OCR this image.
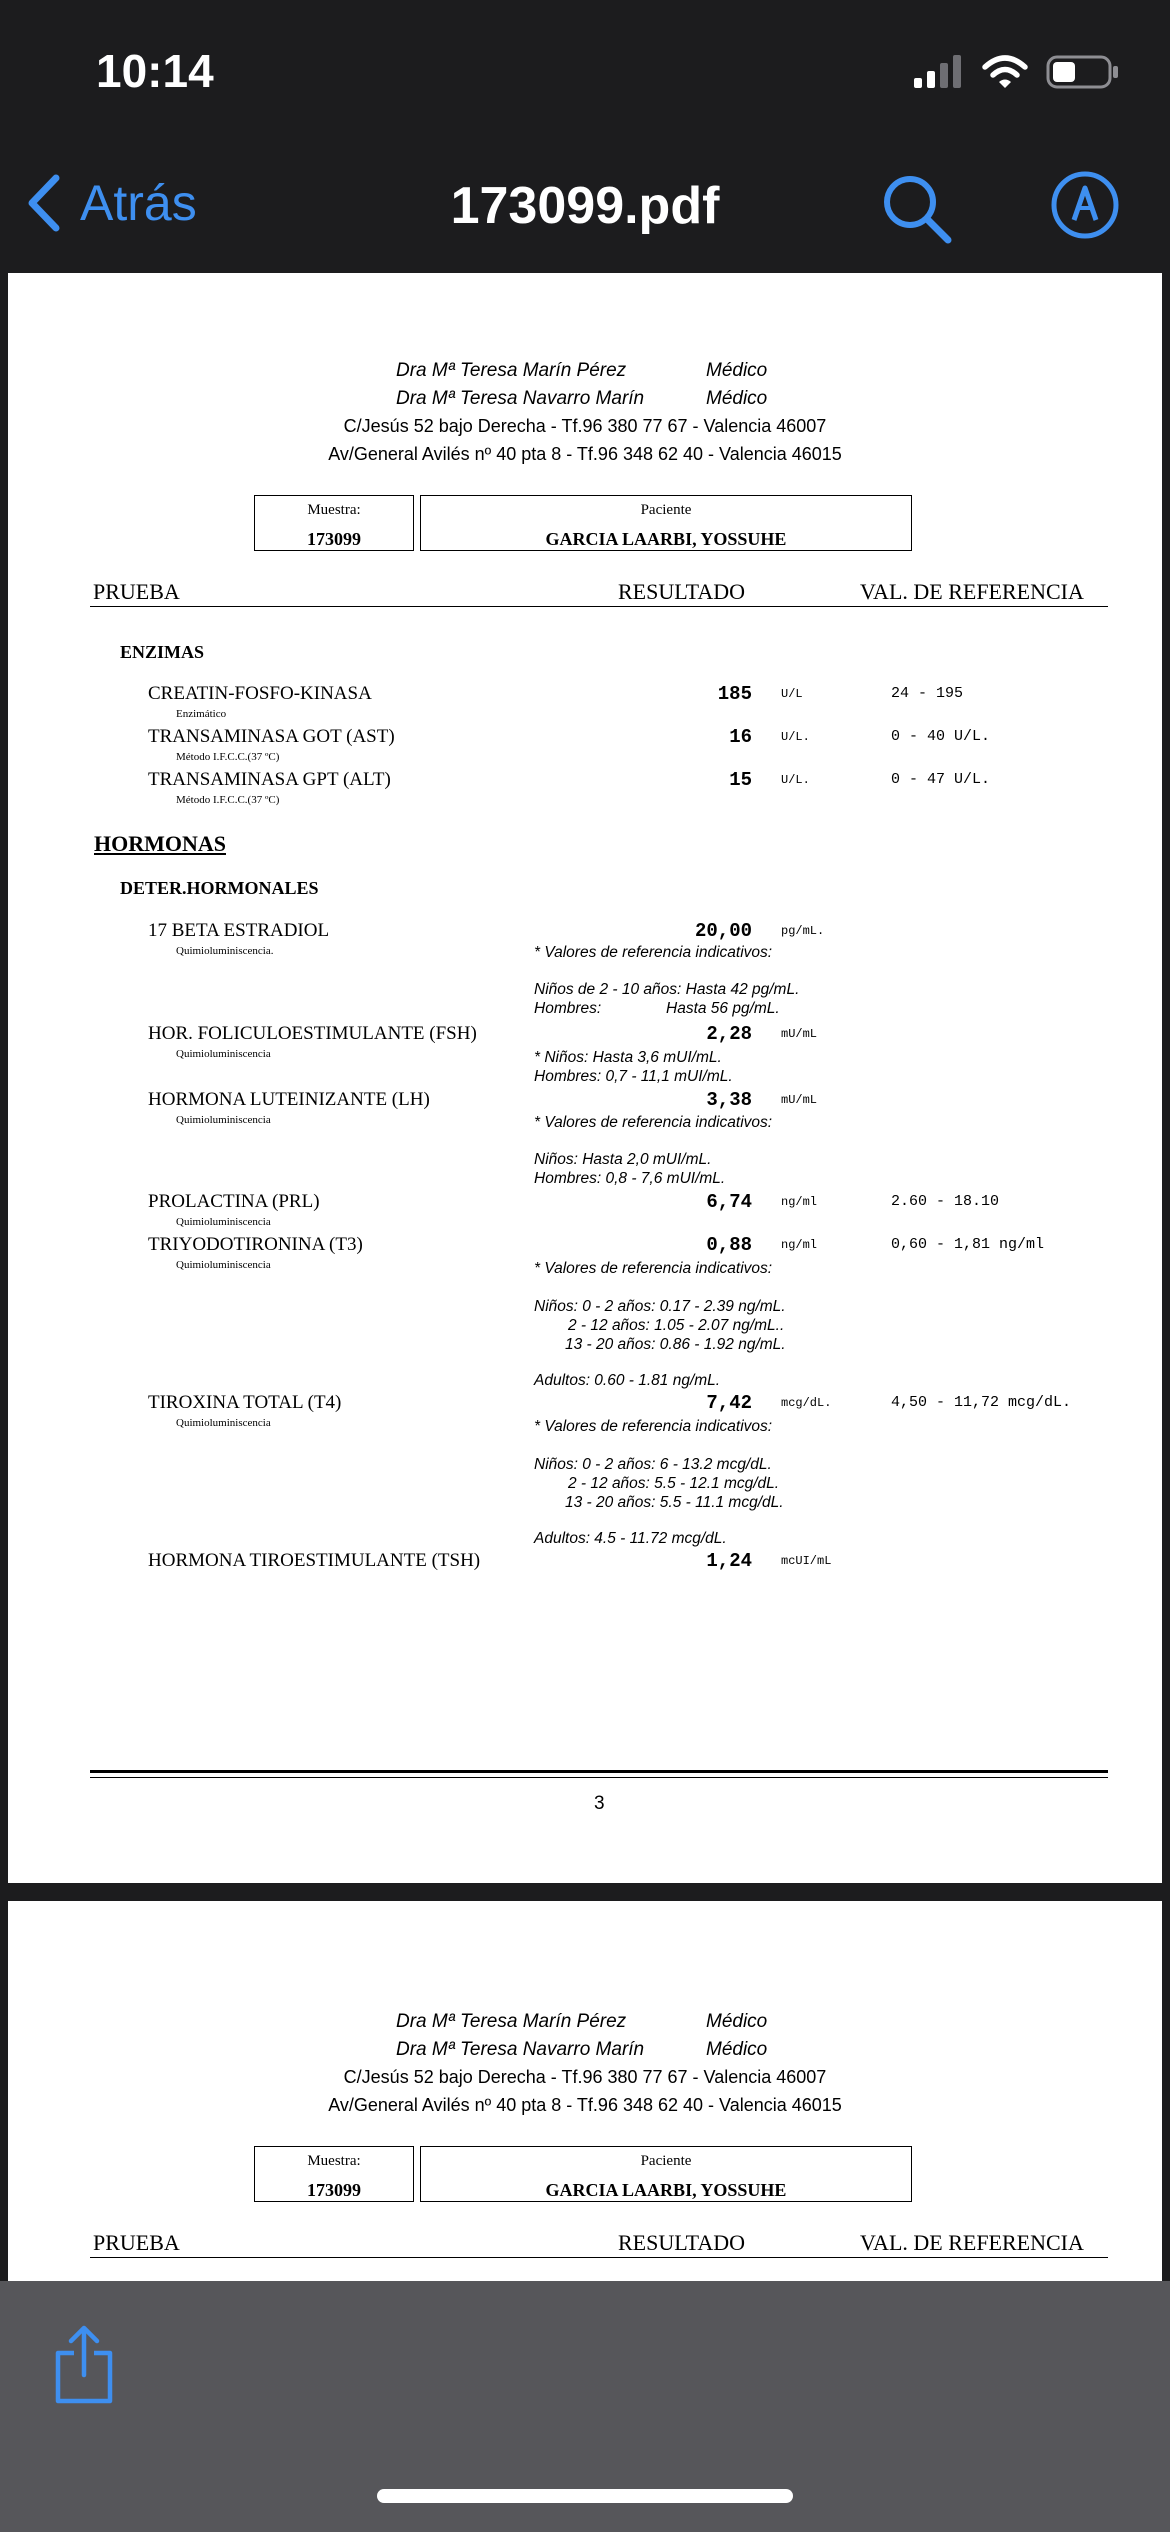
10:14
Atrás	173099.pdf
Dra Mª Teresa Marín Pérez	Médico
Dra Mª Teresa Navarro Marín	Médico
C/Jesús 52 bajo Derecha - Tf.96 380 77 67 - Valencia 46007
Av/General Avilés nº 40 pta 8 - Tf.96 348 62 40 - Valencia 46015
Muestra:
173099
Paciente
GARCIA LAARBI, YOSSUHE
PRUEBA	RESULTADO	VAL. DE REFERENCIA
ENZIMAS
CREATIN-FOSFO-KINASA
Enzimático
185 U/L	24 - 195
TRANSAMINASA GOT (AST)
Método I.F.C.C.(37 ºC)
16 U/L.	0 - 40 U/L.
TRANSAMINASA GPT (ALT)
Método I.F.C.C.(37 ºC)
15 U/L.	0 - 47 U/L.
HORMONAS
DETER.HORMONALES
17 BETA ESTRADIOL
Quimioluminiscencia.
20,00 pg/mL.
* Valores de referencia indicativos:
Niños de 2 - 10 años: Hasta 42 pg/mL.
Hombres:	Hasta 56 pg/mL.
HOR. FOLICULOESTIMULANTE (FSH)
Quimioluminiscencia
2,28 mU/mL
* Niños: Hasta 3,6 mUI/mL.
Hombres: 0,7 - 11,1 mUI/mL.
HORMONA LUTEINIZANTE (LH)
Quimioluminiscencia
3,38 mU/mL
* Valores de referencia indicativos:
Niños: Hasta 2,0 mUI/mL.
Hombres: 0,8 - 7,6 mUI/mL.
PROLACTINA (PRL)
Quimioluminiscencia
6,74 ng/ml	2.60 - 18.10
TRIYODOTIRONINA (T3)
Quimioluminiscencia
0,88 ng/ml	0,60 - 1,81 ng/ml
* Valores de referencia indicativos:
Niños: 0 - 2 años: 0.17 - 2.39 ng/mL.
2 - 12 años: 1.05 - 2.07 ng/mL..
13 - 20 años: 0.86 - 1.92 ng/mL.
Adultos: 0.60 - 1.81 ng/mL.
TIROXINA TOTAL (T4)
Quimioluminiscencia
7,42 mcg/dL.	4,50 - 11,72 mcg/dL.
* Valores de referencia indicativos:
Niños: 0 - 2 años: 6 - 13.2 mcg/dL.
2 - 12 años: 5.5 - 12.1 mcg/dL.
13 - 20 años: 5.5 - 11.1 mcg/dL.
Adultos: 4.5 - 11.72 mcg/dL.
HORMONA TIROESTIMULANTE (TSH)	1,24 mcUI/mL
3
Dra Mª Teresa Marín Pérez	Médico
Dra Mª Teresa Navarro Marín	Médico
C/Jesús 52 bajo Derecha - Tf.96 380 77 67 - Valencia 46007
Av/General Avilés nº 40 pta 8 - Tf.96 348 62 40 - Valencia 46015
Muestra:
173099
Paciente
GARCIA LAARBI, YOSSUHE
PRUEBA	RESULTADO	VAL. DE REFERENCIA
